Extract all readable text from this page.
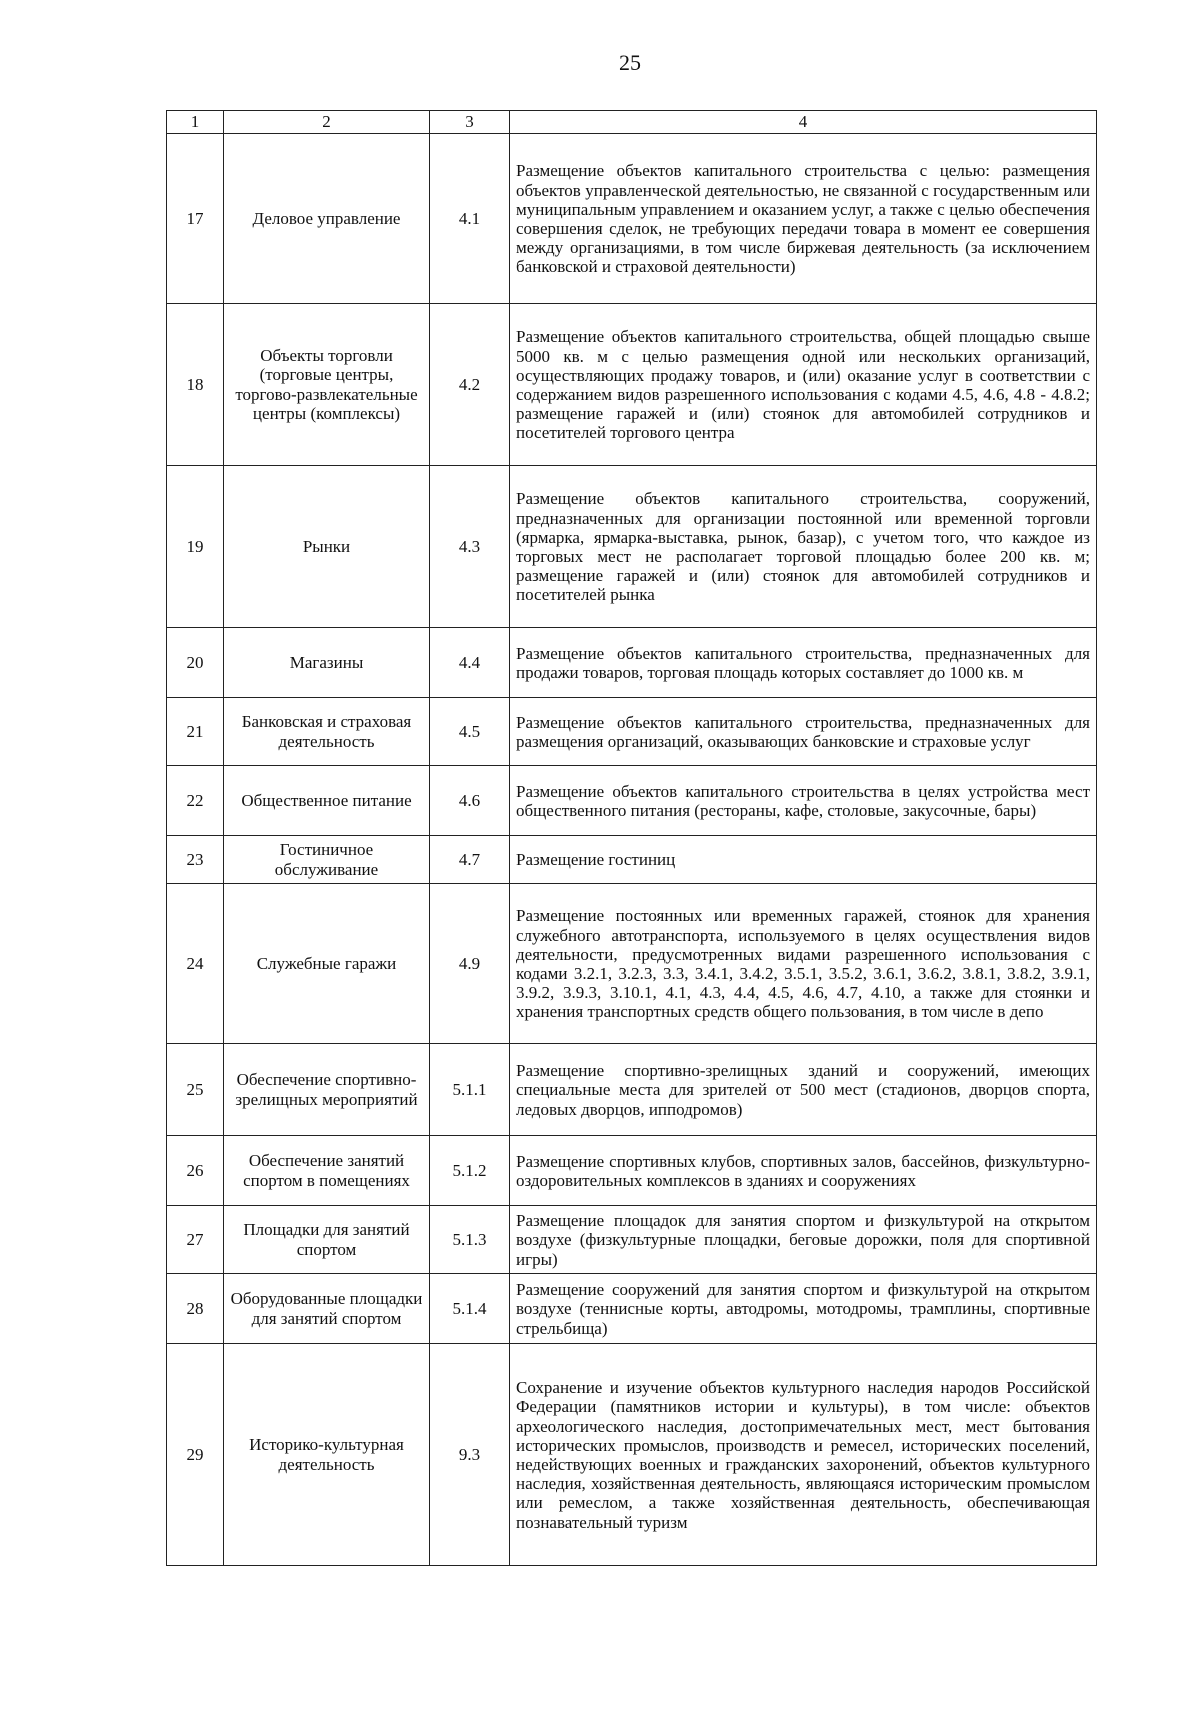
25
1	2	3	4
17	Деловое управление	4.1	Размещение объектов капитального строительства с целью: размещения объектов управленческой деятельностью, не связанной с государственным или муниципальным управлением и оказанием услуг, а также с целью обеспечения совершения сделок, не требующих передачи товара в момент ее совершения между организациями, в том числе биржевая деятельность (за исключением банковской и страховой деятельности)
18	Объекты торговли (торговые центры, торгово-развлекательные центры (комплексы)	4.2	Размещение объектов капитального строительства, общей площадью свыше 5000 кв. м с целью размещения одной или нескольких организаций, осуществляющих продажу товаров, и (или) оказание услуг в соответствии с содержанием видов разрешенного использования с кодами 4.5, 4.6, 4.8 - 4.8.2; размещение гаражей и (или) стоянок для автомобилей сотрудников и посетителей торгового центра
19	Рынки	4.3	Размещение объектов капитального строительства, сооружений, предназначенных для организации постоянной или временной торговли (ярмарка, ярмарка-выставка, рынок, базар), с учетом того, что каждое из торговых мест не располагает торговой площадью более 200 кв. м; размещение гаражей и (или) стоянок для автомобилей сотрудников и посетителей рынка
20	Магазины	4.4	Размещение объектов капитального строительства, предназначенных для продажи товаров, торговая площадь которых составляет до 1000 кв. м
21	Банковская и страховая деятельность	4.5	Размещение объектов капитального строительства, предназначенных для размещения организаций, оказывающих банковские и страховые услуг
22	Общественное питание	4.6	Размещение объектов капитального строительства в целях устройства мест общественного питания (рестораны, кафе, столовые, закусочные, бары)
23	Гостиничное обслуживание	4.7	Размещение гостиниц
24	Служебные гаражи	4.9	Размещение постоянных или временных гаражей, стоянок для хранения служебного автотранспорта, используемого в целях осуществления видов деятельности, предусмотренных видами разрешенного использования с кодами 3.2.1, 3.2.3, 3.3, 3.4.1, 3.4.2, 3.5.1, 3.5.2, 3.6.1, 3.6.2, 3.8.1, 3.8.2, 3.9.1, 3.9.2, 3.9.3, 3.10.1, 4.1, 4.3, 4.4, 4.5, 4.6, 4.7, 4.10, а также для стоянки и хранения транспортных средств общего пользования, в том числе в депо
25	Обеспечение спортивно-зрелищных мероприятий	5.1.1	Размещение спортивно-зрелищных зданий и сооружений, имеющих специальные места для зрителей от 500 мест (стадионов, дворцов спорта, ледовых дворцов, ипподромов)
26	Обеспечение занятий спортом в помещениях	5.1.2	Размещение спортивных клубов, спортивных залов, бассейнов, физкультурно-оздоровительных комплексов в зданиях и сооружениях
27	Площадки для занятий спортом	5.1.3	Размещение площадок для занятия спортом и физкультурой на открытом воздухе (физкультурные площадки, беговые дорожки, поля для спортивной игры)
28	Оборудованные площадки для занятий спортом	5.1.4	Размещение сооружений для занятия спортом и физкультурой на открытом воздухе (теннисные корты, автодромы, мотодромы, трамплины, спортивные стрельбища)
29	Историко-культурная деятельность	9.3	Сохранение и изучение объектов культурного наследия народов Российской Федерации (памятников истории и культуры), в том числе: объектов археологического наследия, достопримечательных мест, мест бытования исторических промыслов, производств и ремесел, исторических поселений, недействующих военных и гражданских захоронений, объектов культурного наследия, хозяйственная деятельность, являющаяся историческим промыслом или ремеслом, а также хозяйственная деятельность, обеспечивающая познавательный туризм
